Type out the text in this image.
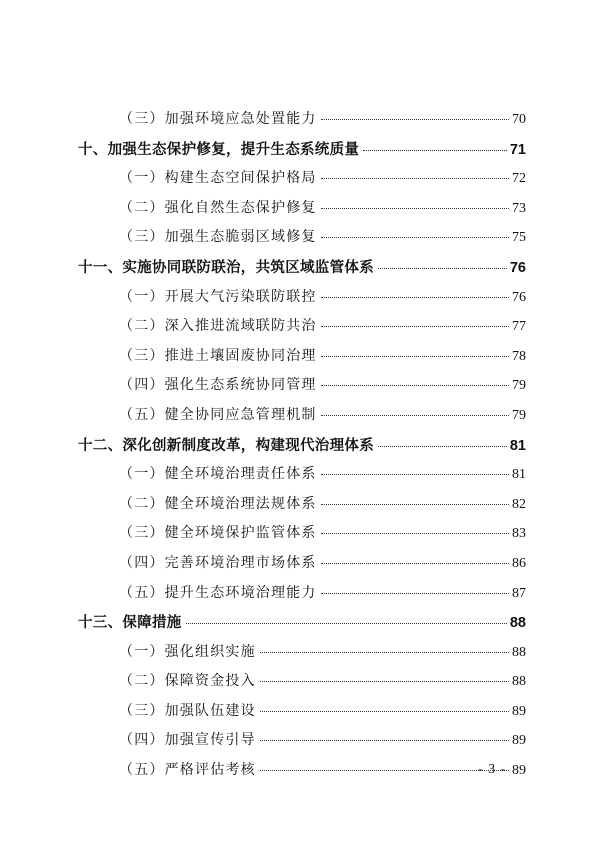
（三）加强环境应急处置能力	70
十、加强生态保护修复，提升生态系统质量	71
（一）构建生态空间保护格局	72
（二）强化自然生态保护修复	73
（三）加强生态脆弱区域修复	75
十一、实施协同联防联治，共筑区域监管体系	76
（一）开展大气污染联防联控	76
（二）深入推进流域联防共治	77
（三）推进土壤固废协同治理	78
（四）强化生态系统协同管理	79
（五）健全协同应急管理机制	79
十二、深化创新制度改革，构建现代治理体系	81
（一）健全环境治理责任体系	81
（二）健全环境治理法规体系	82
（三）健全环境保护监管体系	83
（四）完善环境治理市场体系	86
（五）提升生态环境治理能力	87
十三、保障措施	88
（一）强化组织实施	88
（二）保障资金投入	88
（三）加强队伍建设	89
（四）加强宣传引导	89
（五）严格评估考核	89
- 3 -
